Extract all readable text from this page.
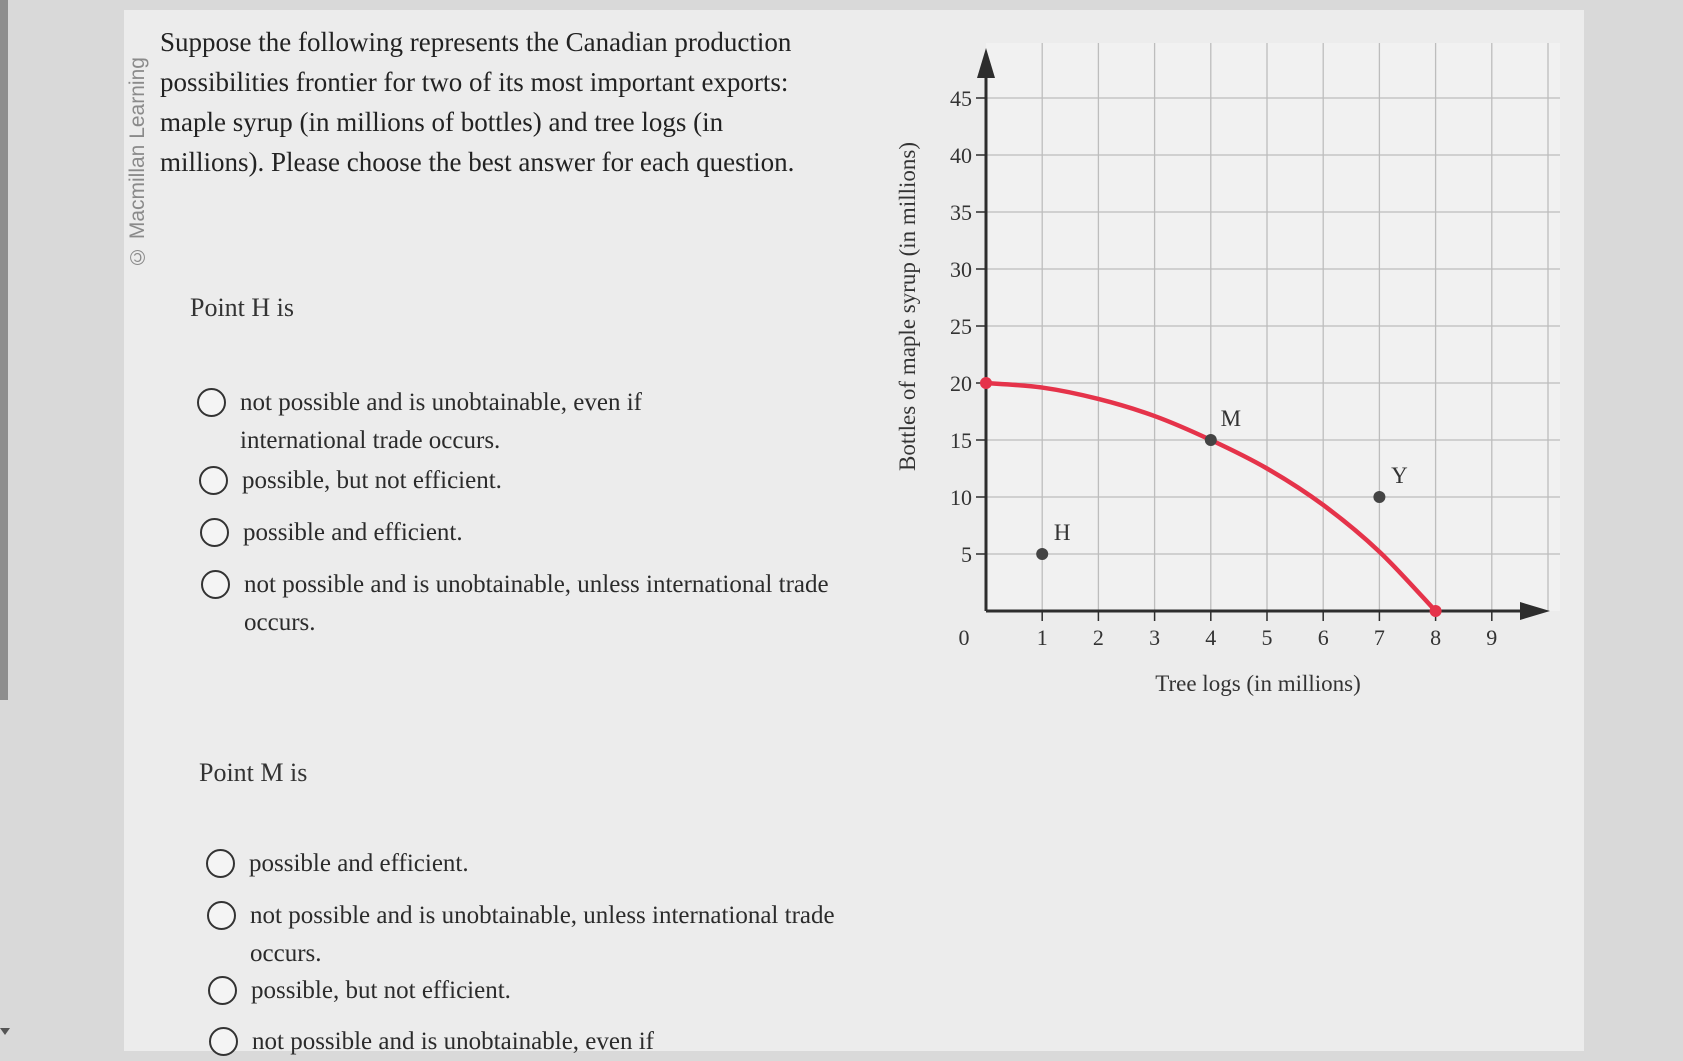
© Macmillan Learning
Suppose the following represents the Canadian production possibilities frontier for two of its most important exports: maple syrup (in millions of bottles) and tree logs (in millions). Please choose the best answer for each question.
Point H is
not possible and is unobtainable, even if international trade occurs.
possible, but not efficient.
possible and efficient.
not possible and is unobtainable, unless international trade occurs.
Point M is
possible and efficient.
not possible and is unobtainable, unless international trade occurs.
possible, but not efficient.
not possible and is unobtainable, even if
5
10
15
20
25
30
35
40
45
1 2 3 4 5 6 7 8 9
0
Tree logs (in millions)
Bottles of maple syrup (in millions)
H
M
Y
